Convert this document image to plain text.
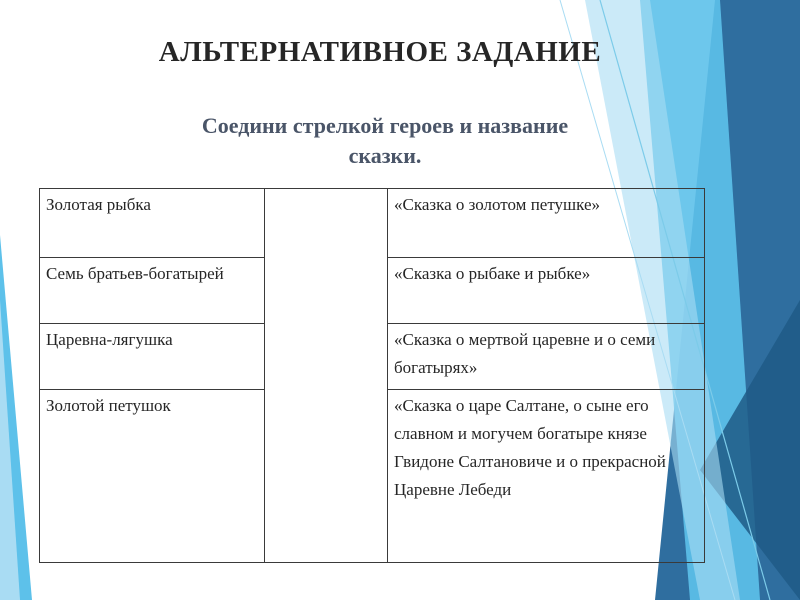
АЛЬТЕРНАТИВНОЕ ЗАДАНИЕ
Соедини стрелкой героев и название
сказки.
Золотая рыбка		«Сказка о золотом петушке»
Семь братьев-богатырей		«Сказка о рыбаке и рыбке»
Царевна-лягушка		«Сказка о мертвой царевне и о семи богатырях»
Золотой петушок		«Сказка о царе Салтане, о сыне его славном и могучем богатыре князе Гвидоне Салтановиче и о прекрасной Царевне Лебеди
